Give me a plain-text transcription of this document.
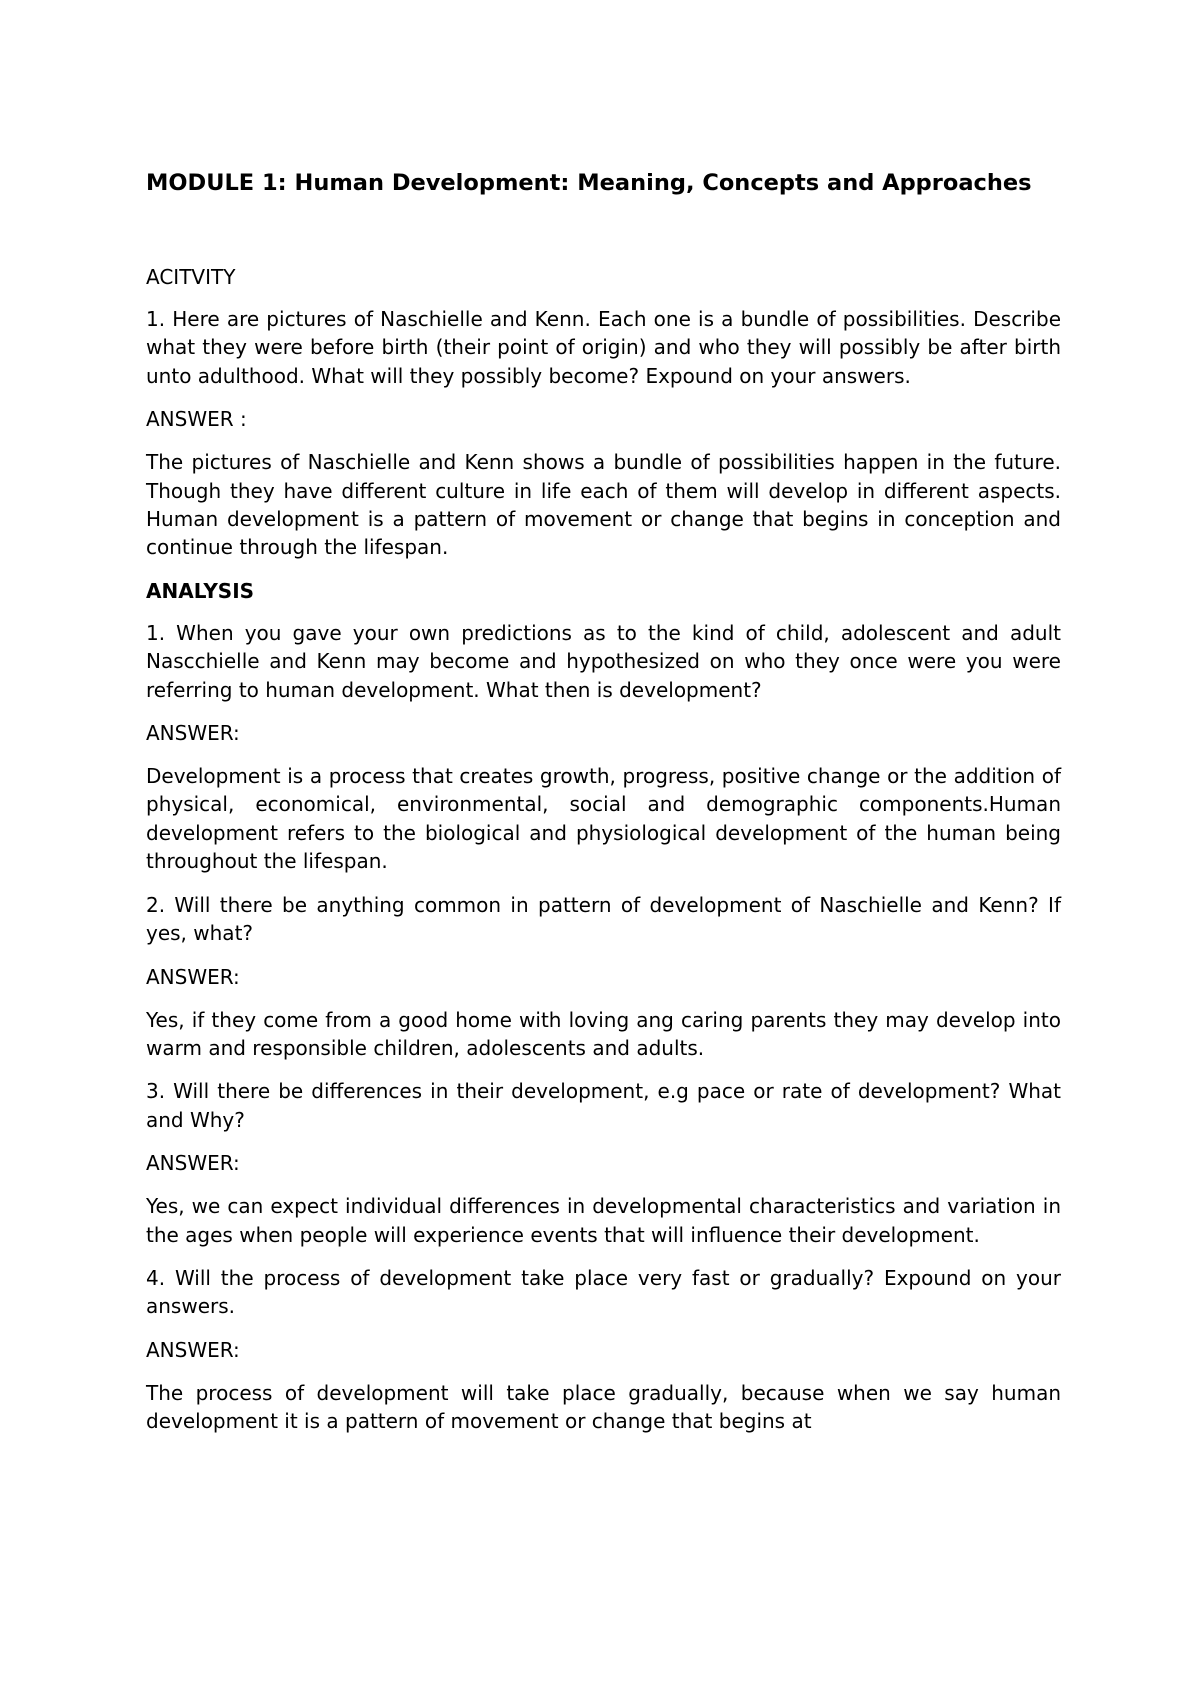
MODULE 1: Human Development: Meaning, Concepts and Approaches
ACITVITY
1. Here are pictures of Naschielle and Kenn. Each one is a bundle of possibilities. Describe what they were before birth (their point of origin) and who they will possibly be after birth unto adulthood. What will they possibly become? Expound on your answers.
ANSWER :
The pictures of Naschielle and Kenn shows a bundle of possibilities happen in the future. Though they have different culture in life each of them will develop in different aspects. Human development is a pattern of movement or change that begins in conception and continue through the lifespan.
ANALYSIS
1. When you gave your own predictions as to the kind of child, adolescent and adult Nascchielle and Kenn may become and hypothesized on who they once were you were referring to human development. What then is development?
ANSWER:
Development is a process that creates growth, progress, positive change or the addition of physical, economical, environmental, social and demographic components.Human development refers to the biological and physiological development of the human being throughout the lifespan.
2. Will there be anything common in pattern of development of Naschielle and Kenn? If yes, what?
ANSWER:
Yes, if they come from a good home with loving ang caring parents they may develop into warm and responsible children, adolescents and adults.
3. Will there be differences in their development, e.g pace or rate of development? What and Why?
ANSWER:
Yes, we can expect individual differences in developmental characteristics and variation in the ages when people will experience events that will influence their development.
4. Will the process of development take place very fast or gradually? Expound on your answers.
ANSWER:
The process of development will take place gradually, because when we say human development it is a pattern of movement or change that begins at
